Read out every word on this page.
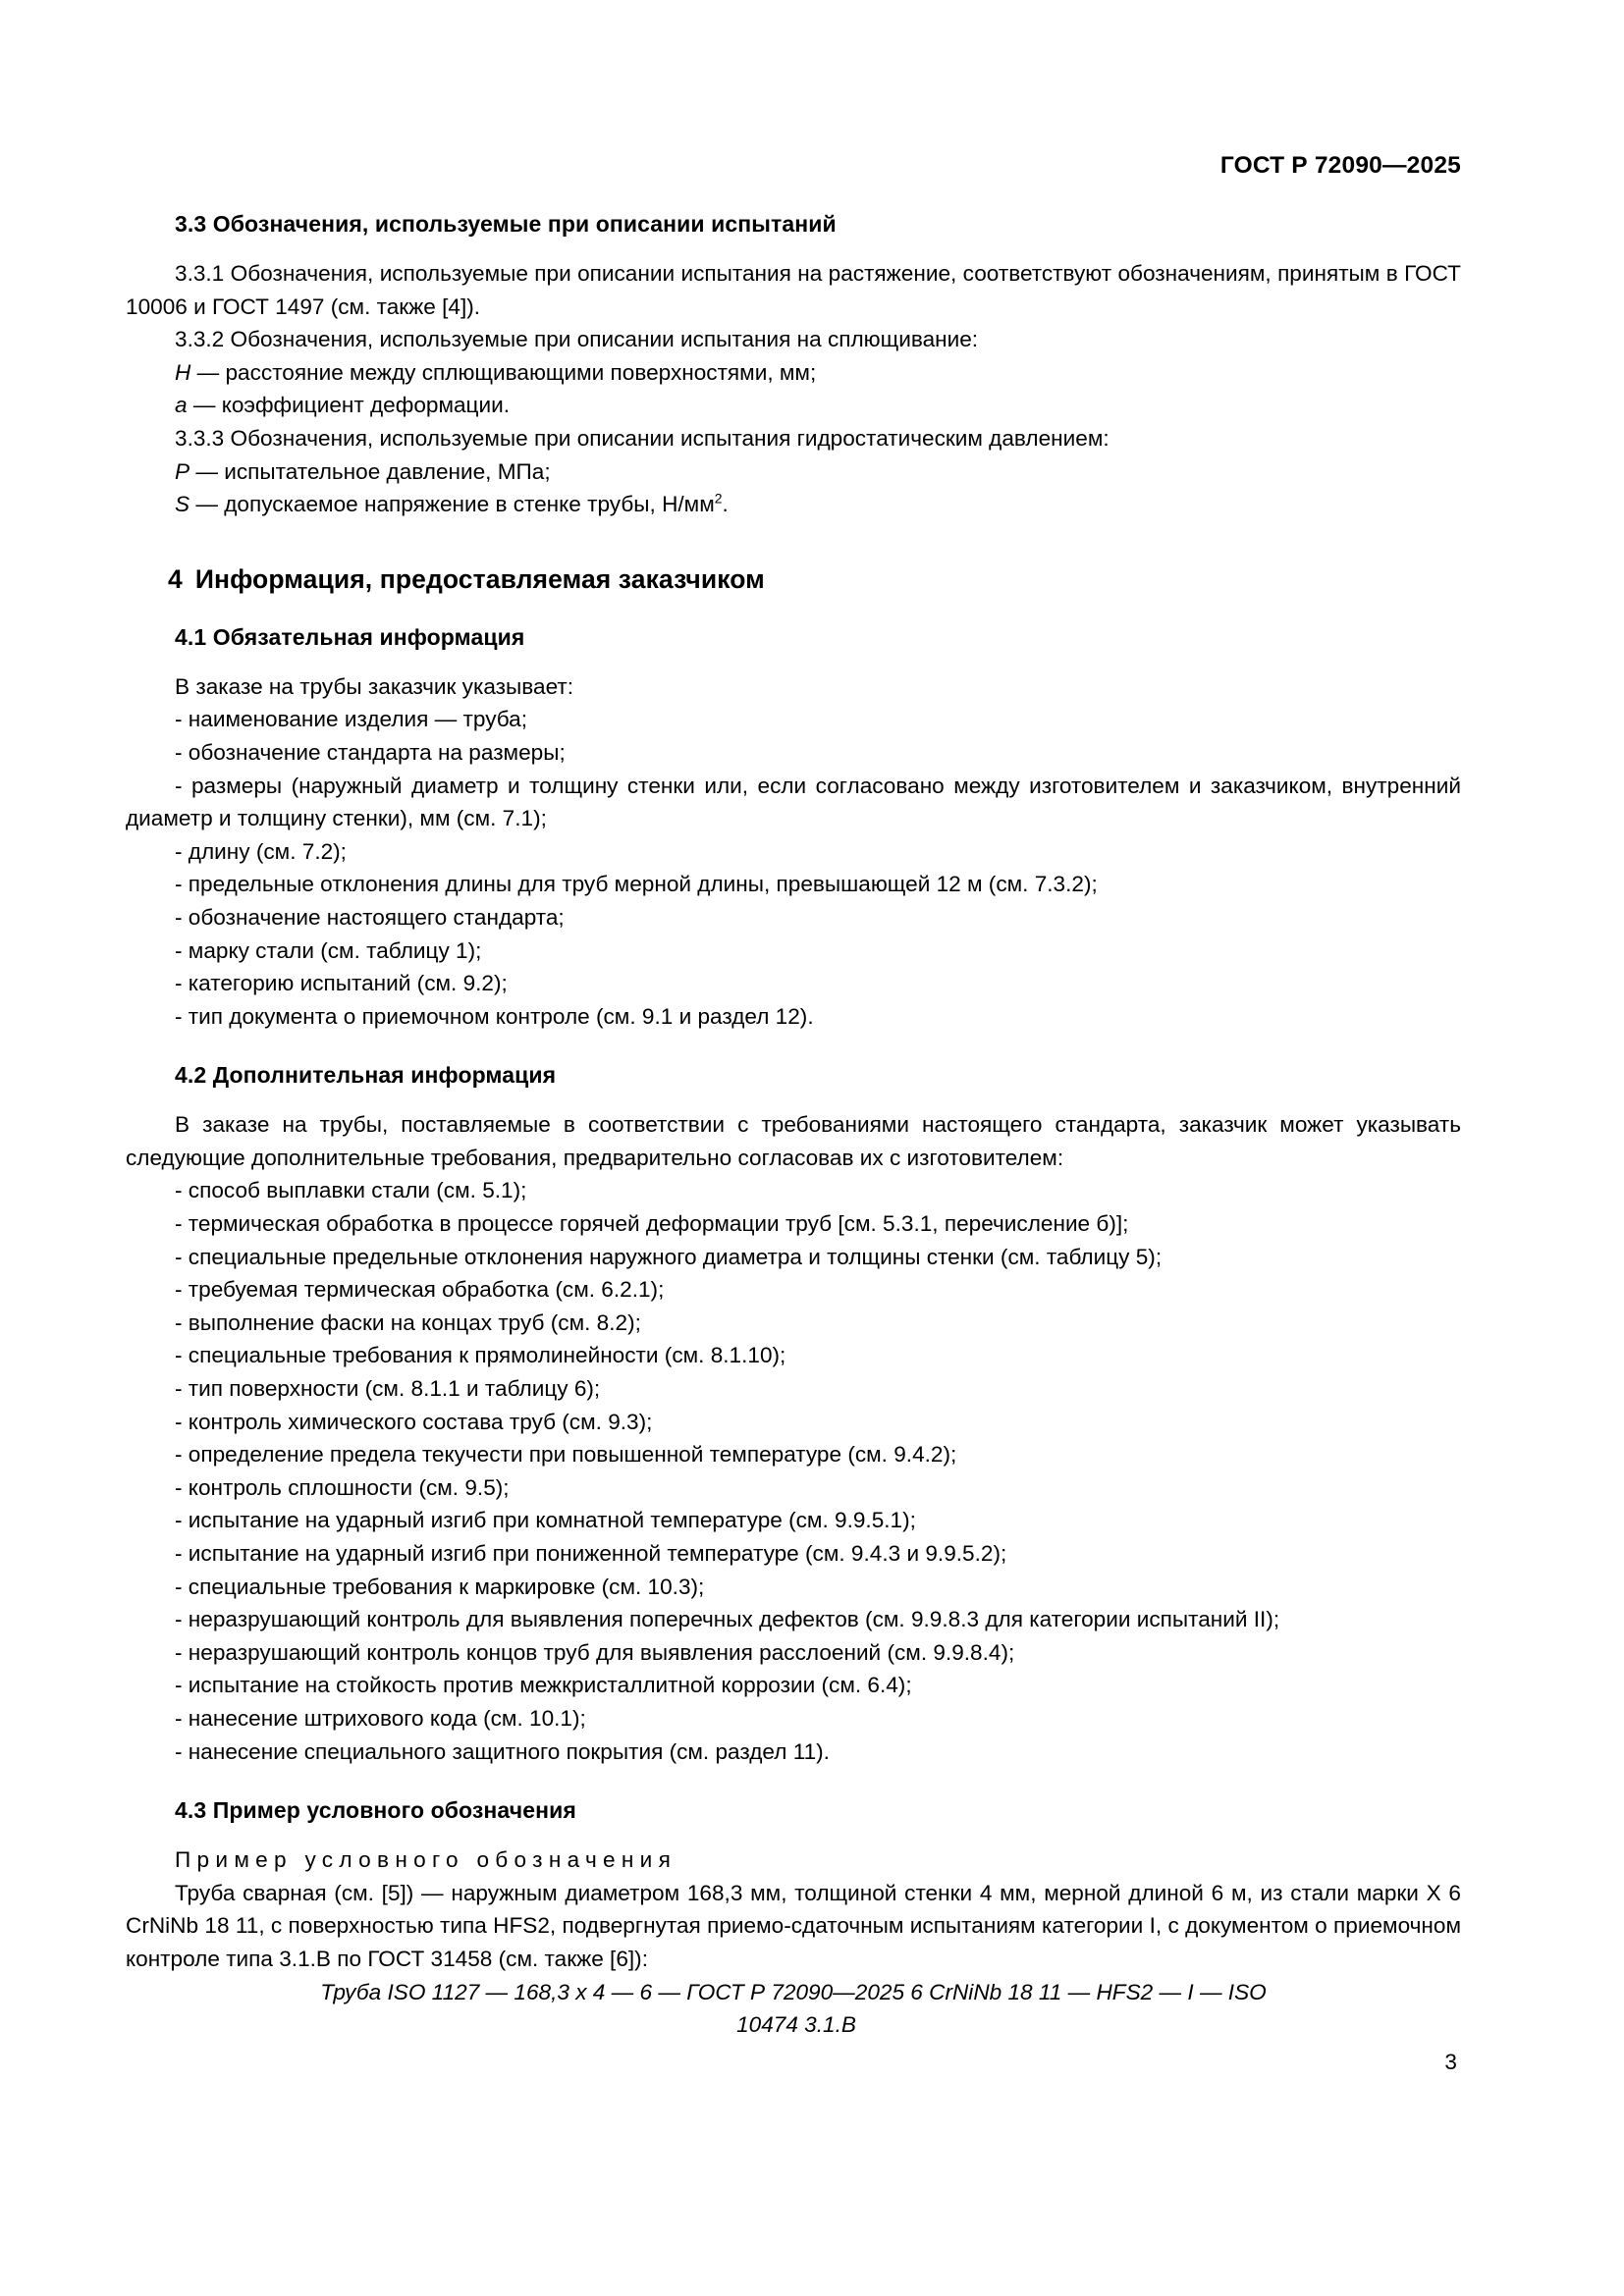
ГОСТ Р 72090—2025
3.3 Обозначения, используемые при описании испытаний

3.3.1 Обозначения, используемые при описании испытания на растяжение, соответствуют обозначениям, принятым в ГОСТ 10006 и ГОСТ 1497 (см. также [4]).

3.3.2 Обозначения, используемые при описании испытания на сплющивание:

H — расстояние между сплющивающими поверхностями, мм;

a — коэффициент деформации.

3.3.3 Обозначения, используемые при описании испытания гидростатическим давлением:

P — испытательное давление, МПа;

S — допускаемое напряжение в стенке трубы, $Н/мм^2$.

4 Информация, предоставляемая заказчиком
4.1 Обязательная информация

В заказе на трубы заказчик указывает:

- наименование изделия — труба;

- обозначение стандарта на размеры;

- размеры (наружный диаметр и толщину стенки или, если согласовано между изготовителем и заказчиком, внутренний диаметр и толщину стенки), мм (см. 7.1);

- длину (см. 7.2);

- предельные отклонения длины для труб мерной длины, превышающей 12 м (см. 7.3.2);

- обозначение настоящего стандарта;

- марку стали (см. таблицу 1);

- категорию испытаний (см. 9.2);

- тип документа о приемочном контроле (см. 9.1 и раздел 12).

4.2 Дополнительная информация

В заказе на трубы, поставляемые в соответствии с требованиями настоящего стандарта, заказчик может указывать следующие дополнительные требования, предварительно согласовав их с изготовителем:

- способ выплавки стали (см. 5.1);

- термическая обработка в процессе горячей деформации труб [см. 5.3.1, перечисление б)];

- специальные предельные отклонения наружного диаметра и толщины стенки (см. таблицу 5);

- требуемая термическая обработка (см. 6.2.1);

- выполнение фаски на концах труб (см. 8.2);

- специальные требования к прямолинейности (см. 8.1.10);

- тип поверхности (см. 8.1.1 и таблицу 6);

- контроль химического состава труб (см. 9.3);

- определение предела текучести при повышенной температуре (см. 9.4.2);

- контроль сплошности (см. 9.5);

- испытание на ударный изгиб при комнатной температуре (см. 9.9.5.1);

- испытание на ударный изгиб при пониженной температуре (см. 9.4.3 и 9.9.5.2);

- специальные требования к маркировке (см. 10.3);

- неразрушающий контроль для выявления поперечных дефектов (см. 9.9.8.3 для категории испытаний II);

- неразрушающий контроль концов труб для выявления расслоений (см. 9.9.8.4);

- испытание на стойкость против межкристаллитной коррозии (см. 6.4);

- нанесение штрихового кода (см. 10.1);

- нанесение специального защитного покрытия (см. раздел 11).

4.3 Пример условного обозначения

Пример условного обозначения

Труба сварная (см. [5]) — наружным диаметром 168,3 мм, толщиной стенки 4 мм, мерной длиной 6 м, из стали марки X 6 CrNiNb 18 11, с поверхностью типа HFS2, подвергнутая приемо-сдаточным испытаниям категории I, с документом о приемочном контроле типа 3.1.В по ГОСТ 31458 (см. также [6]):

Труба ISO 1127 — 168,3 x 4 — 6 — ГОСТ Р 72090—2025 6 CrNiNb 18 11 — HFS2 — I — ISO

10474 3.1.В

3
